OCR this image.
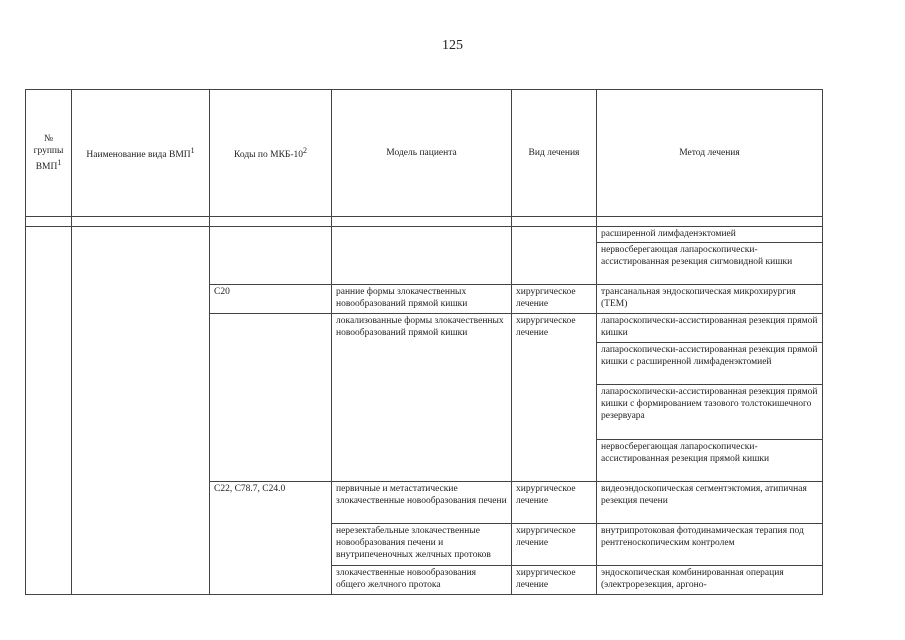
125
№ группы ВМП$^1$	Наименование вида ВМП$^1$	Коды по МКБ-$10^2$	Модель пациента	Вид лечения	Метод лечения	

					расширенной лимфаденэктомией	
					нервосберегающая лапароскопически-ассистированная резекция сигмовидной кишки	
		C20	ранние формы злокачественных новообразований прямой кишки	хирургическое лечение	трансанальная эндоскопическая микрохирургия (ТЕМ)	
			локализованные формы злокачественных новообразований прямой кишки	хирургическое лечение	лапароскопически-ассистированная резекция прямой кишки	
					лапароскопически-ассистированная резекция прямой кишки с расширенной лимфаденэктомией	
					лапароскопически-ассистированная резекция прямой кишки с формированием тазового толстокишечного резервуара	
					нервосберегающая лапароскопически-ассистированная резекция прямой кишки	
		C22, C78.7, C24.0	первичные и метастатические злокачественные новообразования печени	хирургическое лечение	видеоэндоскопическая сегментэктомия, атипичная резекция печени	
			нерезектабельные злокачественные новообразования печени и внутрипеченочных желчных протоков	хирургическое лечение	внутрипротоковая фотодинамическая терапия под рентгеноскопическим контролем	
			злокачественные новообразования общего желчного протока	хирургическое лечение	эндоскопическая комбинированная операция (электрорезекция, аргоно-	
